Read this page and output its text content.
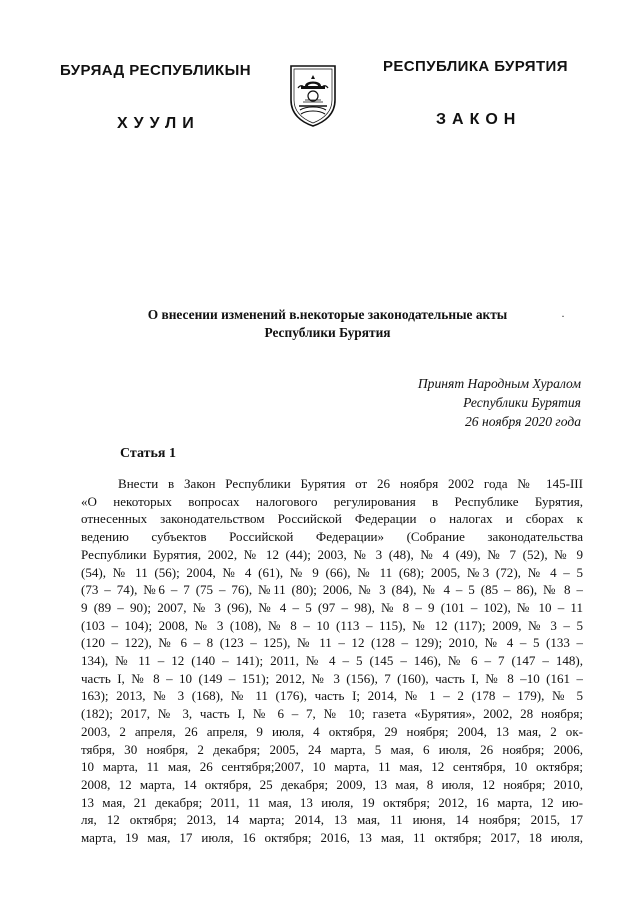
БУРЯАД РЕСПУБЛИКЫН	РЕСПУБЛИКА БУРЯТИЯ
ХУУЛИ	ЗАКОН
О внесении изменений в.некоторые законодательные акты
Республики Бурятия
·
Принят Народным Хуралом
Республики Бурятия
26 ноября 2020 года
Статья 1
Внести в Закон Республики Бурятия от 26 ноября 2002 года № 145-III
«О некоторых вопросах налогового регулирования в Республике Бурятия,
отнесенных законодательством Российской Федерации о налогах и сборах к
ведению субъектов Российской Федерации» (Собрание законодательства
Республики Бурятия, 2002, № 12 (44); 2003, № 3 (48), № 4 (49), № 7 (52), № 9
(54), № 11 (56); 2004, № 4 (61), № 9 (66), № 11 (68); 2005, №3 (72), № 4 – 5
(73 – 74), №6 – 7 (75 – 76), №11 (80); 2006, № 3 (84), № 4 – 5 (85 – 86), № 8 –
9 (89 – 90); 2007, № 3 (96), № 4 – 5 (97 – 98), № 8 – 9 (101 – 102), № 10 – 11
(103 – 104); 2008, № 3 (108), № 8 – 10 (113 – 115), № 12 (117); 2009, № 3 – 5
(120 – 122), № 6 – 8 (123 – 125), № 11 – 12 (128 – 129); 2010, № 4 – 5 (133 –
134), № 11 – 12 (140 – 141); 2011, № 4 – 5 (145 – 146), № 6 – 7 (147 – 148),
часть I, № 8 – 10 (149 – 151); 2012, № 3 (156), 7 (160), часть I, № 8 –10 (161 –
163); 2013, № 3 (168), № 11 (176), часть I; 2014, № 1 – 2 (178 – 179), № 5
(182); 2017, № 3, часть I, № 6 – 7, № 10; газета «Бурятия», 2002, 28 ноября;
2003, 2 апреля, 26 апреля, 9 июля, 4 октября, 29 ноября; 2004, 13 мая, 2 ок-
тября, 30 ноября, 2 декабря; 2005, 24 марта, 5 мая, 6 июля, 26 ноября; 2006,
10 марта, 11 мая, 26 сентября;2007, 10 марта, 11 мая, 12 сентября, 10 октября;
2008, 12 марта, 14 октября, 25 декабря; 2009, 13 мая, 8 июля, 12 ноября; 2010,
13 мая, 21 декабря; 2011, 11 мая, 13 июля, 19 октября; 2012, 16 марта, 12 ию-
ля, 12 октября; 2013, 14 марта; 2014, 13 мая, 11 июня, 14 ноября; 2015, 17
марта, 19 мая, 17 июля, 16 октября; 2016, 13 мая, 11 октября; 2017, 18 июля,
